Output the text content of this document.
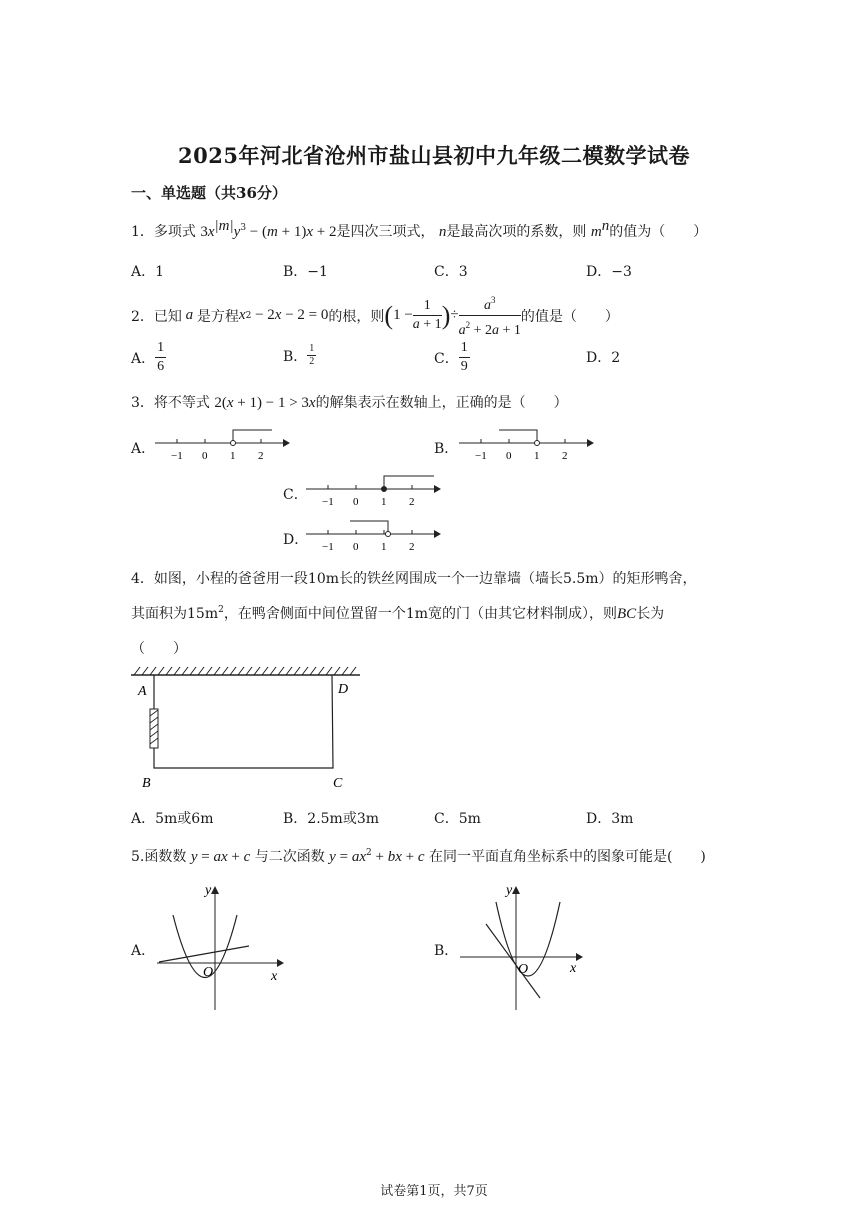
2025年河北省沧州市盐山县初中九年级二模数学试卷
一、单选题（共36分）
1．多项式 $3x^{|m|}y^3 - (m + 1)x + 2$是四次三项式， n是最高次项的系数，则 $m^n$的值为（　　）
A．1	B．−1	C．3	D．−3
2． 已知 a 是方程 x 2 − 2 x − 2 = 0 的根，则 ( $1 - \frac{1}{a + 1}$ ) ÷ $\frac{a^3}{a^2 + 2a + 1}$ 的值是（　　）
A． $\frac{1}{6}$	B． $\frac{1}{2}$	C． $\frac{1}{9}$	D．2
3．将不等式 2(x + 1) − 1 > 3x的解集表示在数轴上，正确的是（　　）
A． −1 0 1 2	B． −1 0 1 2
C． −1 0 1 2
D． −1 0 1 2
4．如图，小程的爸爸用一段10m长的铁丝网围成一个一边靠墙（墙长5.5m）的矩形鸭舍，
其面积为$15m^2$，在鸭舍侧面中间位置留一个1m宽的门（由其它材料制成），则BC长为
（　　）
A	D
B	C
A．5m或6m	B．2.5m或3m	C．5m	D．3m
5.函数数 y = ax + c 与二次函数 $y = ax^2$ + bx + c 在同一平面直角坐标系中的图象可能是(　　)
A．
y
x
O
B．
y
x
O
试卷第1页，共7页
